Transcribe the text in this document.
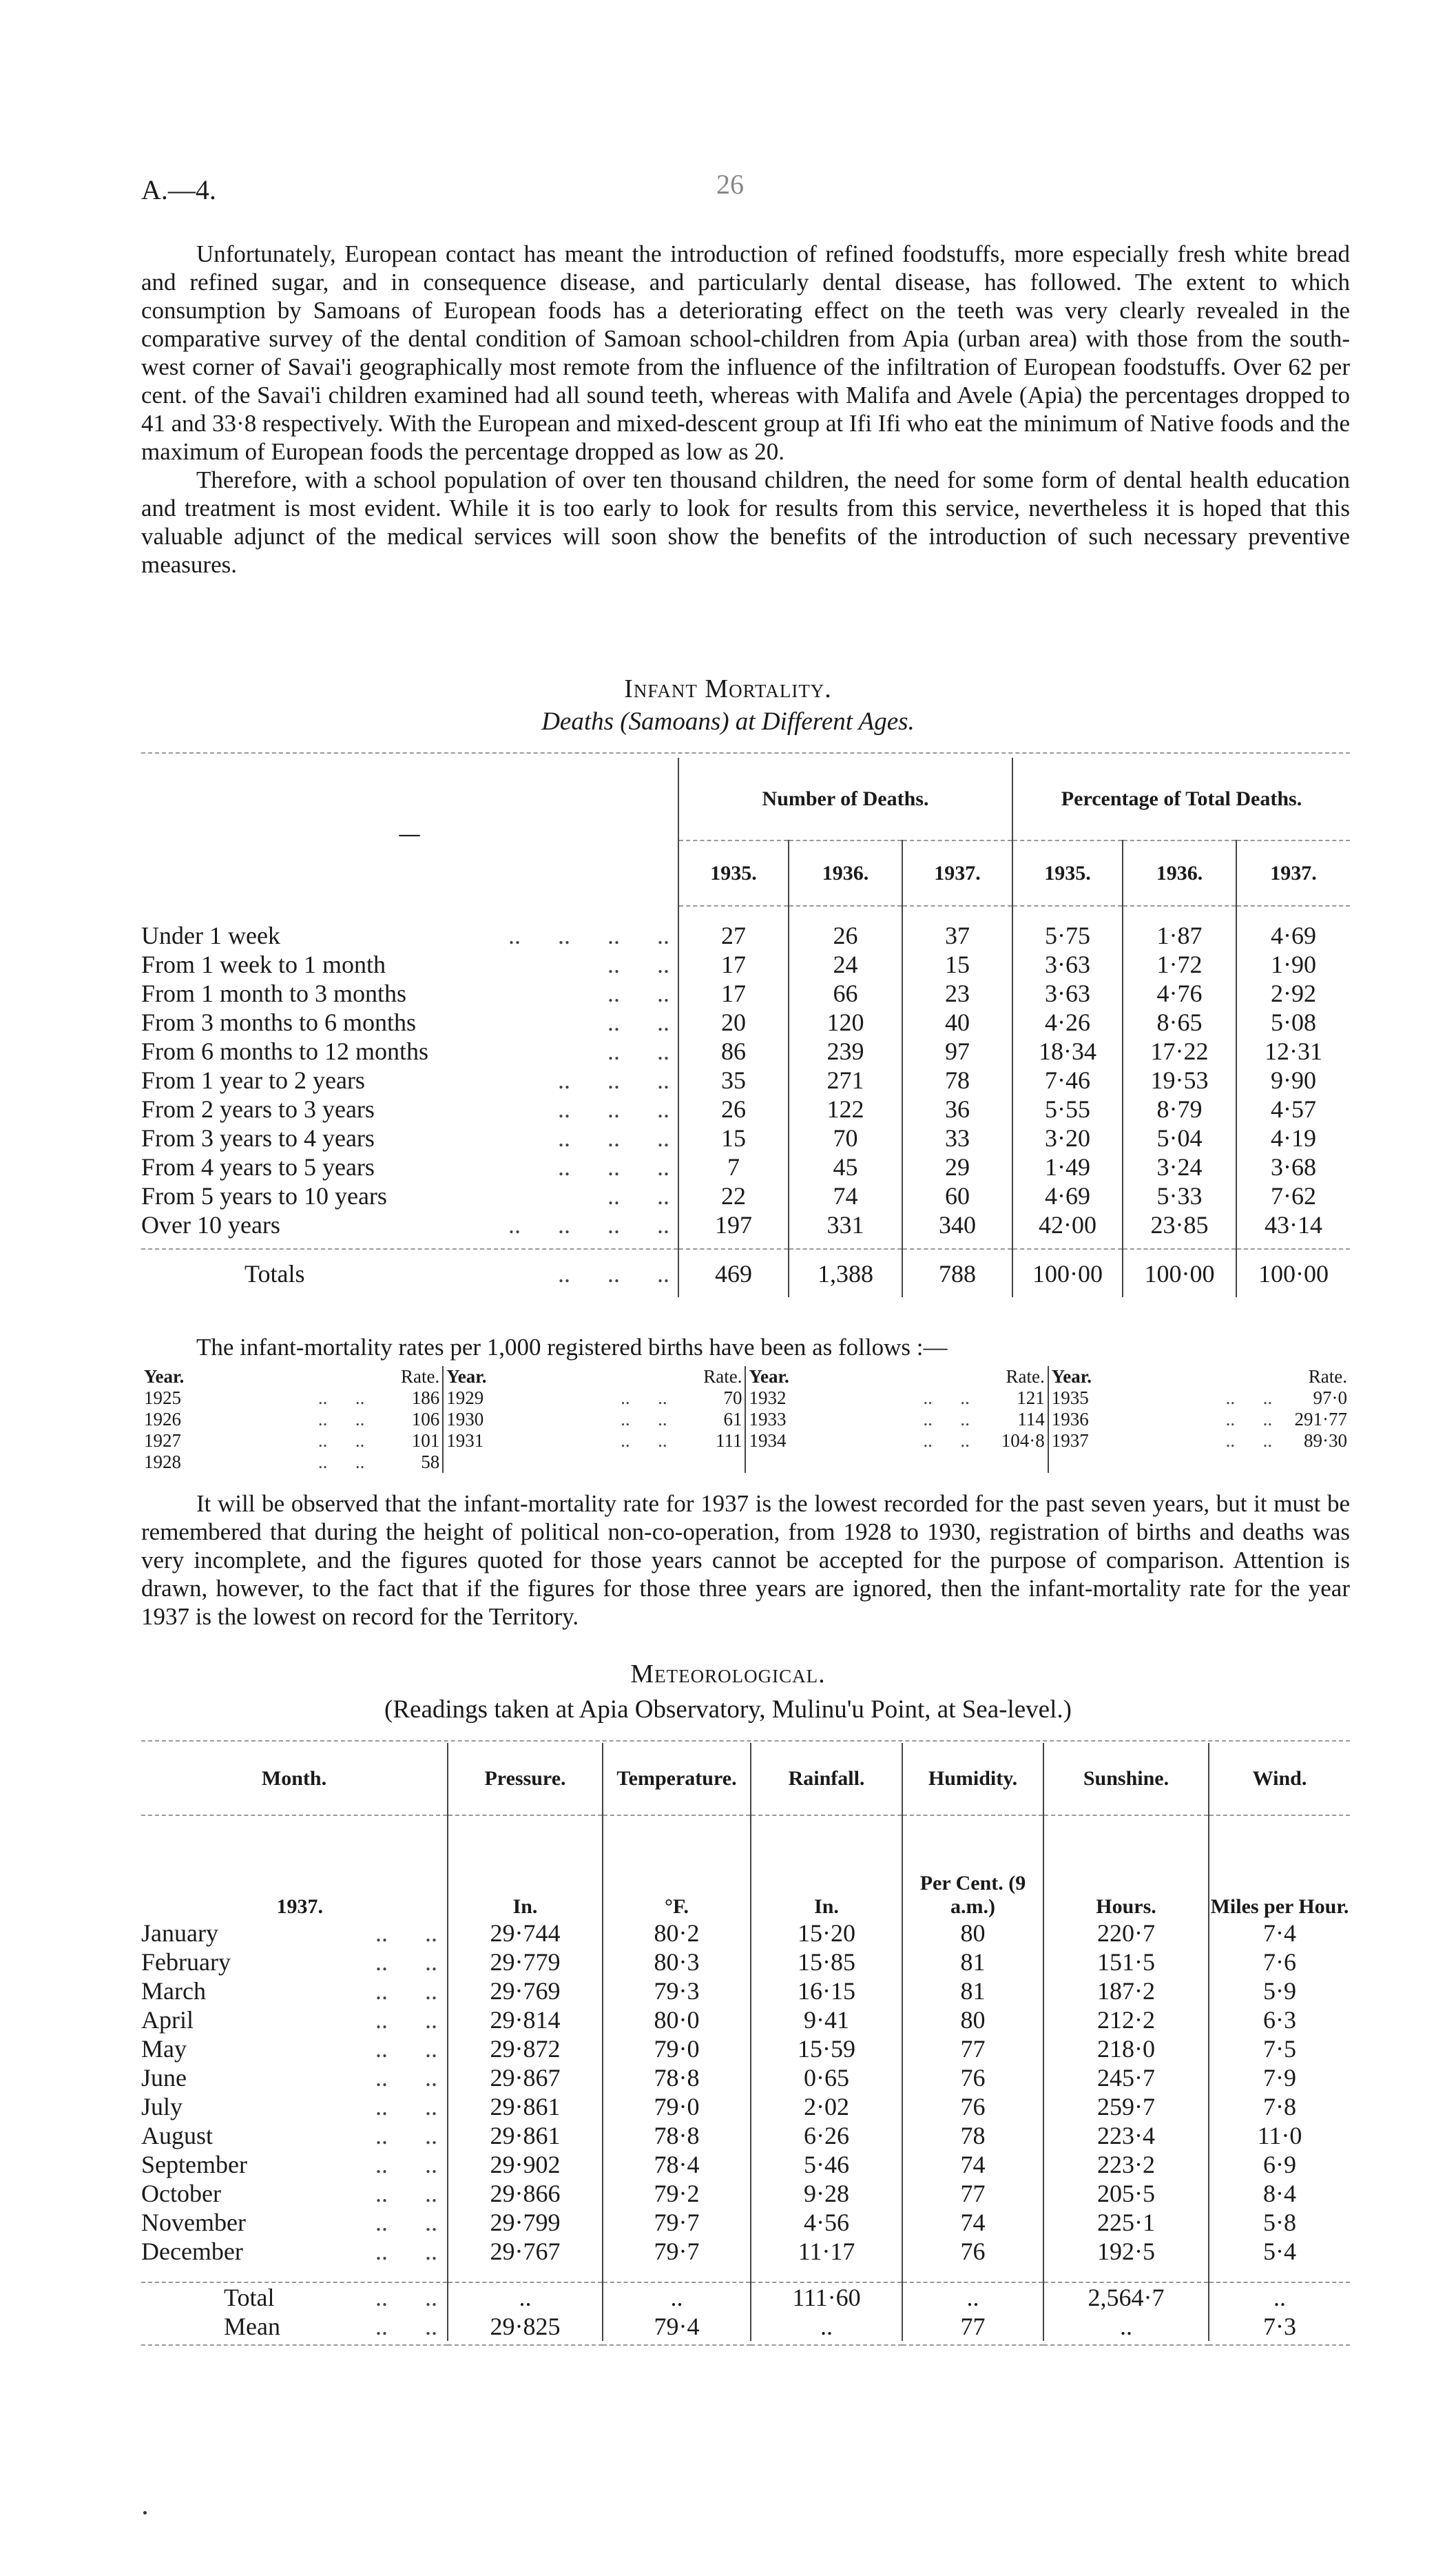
A.—4.	26

Unfortunately, European contact has meant the introduction of refined foodstuffs, more especially fresh white bread and refined sugar, and in consequence disease, and particularly dental disease, has followed. The extent to which consumption by Samoans of European foods has a deteriorating effect on the teeth was very clearly revealed in the comparative survey of the dental condition of Samoan school-children from Apia (urban area) with those from the south-west corner of Savai'i geographically most remote from the influence of the infiltration of European foodstuffs. Over 62 per cent. of the Savai'i children examined had all sound teeth, whereas with Malifa and Avele (Apia) the percentages dropped to 41 and 33·8 respectively. With the European and mixed-descent group at Ifi Ifi who eat the minimum of Native foods and the maximum of European foods the percentage dropped as low as 20.

Therefore, with a school population of over ten thousand children, the need for some form of dental health education and treatment is most evident. While it is too early to look for results from this service, nevertheless it is hoped that this valuable adjunct of the medical services will soon show the benefits of the introduction of such necessary preventive measures.

Infant Mortality.
Deaths (Samoans) at Different Ages.
—	Number of Deaths.			Percentage of Total Deaths.		
	1935.	1936.	1937.	1935.	1936.	1937.

Under 1 week ..      ..      ..      ..	27	26	37	5·75	1·87	4·69
From 1 week to 1 month ..      ..	17	24	15	3·63	1·72	1·90
From 1 month to 3 months ..      ..	17	66	23	3·63	4·76	2·92
From 3 months to 6 months ..      ..	20	120	40	4·26	8·65	5·08
From 6 months to 12 months ..      ..	86	239	97	18·34	17·22	12·31
From 1 year to 2 years ..      ..      ..	35	271	78	7·46	19·53	9·90
From 2 years to 3 years ..      ..      ..	26	122	36	5·55	8·79	4·57
From 3 years to 4 years ..      ..      ..	15	70	33	3·20	5·04	4·19
From 4 years to 5 years ..      ..      ..	7	45	29	1·49	3·24	3·68
From 5 years to 10 years ..      ..	22	74	60	4·69	5·33	7·62
Over 10 years ..      ..      ..      ..	197	331	340	42·00	23·85	43·14

Totals ..      ..      ..	469	1,388	788	100·00	100·00	100·00

The infant-mortality rates per 1,000 registered births have been as follows :—

Year.		Rate.	Year.		Rate.	Year.		Rate.	Year.		Rate.
1925	..      ..	186	1929	..      ..	70	1932	..      ..	121	1935	..      ..	97·0
1926	..      ..	106	1930	..      ..	61	1933	..      ..	114	1936	..      ..	291·77
1927	..      ..	101	1931	..      ..	111	1934	..      ..	104·8	1937	..      ..	89·30
1928	..      ..	58									

It will be observed that the infant-mortality rate for 1937 is the lowest recorded for the past seven years, but it must be remembered that during the height of political non-co-operation, from 1928 to 1930, registration of births and deaths was very incomplete, and the figures quoted for those years cannot be accepted for the purpose of comparison. Attention is drawn, however, to the fact that if the figures for those three years are ignored, then the infant-mortality rate for the year 1937 is the lowest on record for the Territory.

Meteorological.
(Readings taken at Apia Observatory, Mulinu'u Point, at Sea-level.)
Month.	Pressure.	Temperature.	Rainfall.	Humidity.	Sunshine.	Wind.
1937.	In.	°F.	In.	Per Cent. (9 a.m.)	Hours.	Miles per Hour.
January ..      ..	29·744	80·2	15·20	80	220·7	7·4
February ..      ..	29·779	80·3	15·85	81	151·5	7·6
March ..      ..	29·769	79·3	16·15	81	187·2	5·9
April ..      ..	29·814	80·0	9·41	80	212·2	6·3
May ..      ..	29·872	79·0	15·59	77	218·0	7·5
June ..      ..	29·867	78·8	0·65	76	245·7	7·9
July ..      ..	29·861	79·0	2·02	76	259·7	7·8
August ..      ..	29·861	78·8	6·26	78	223·4	11·0
September ..      ..	29·902	78·4	5·46	74	223·2	6·9
October ..      ..	29·866	79·2	9·28	77	205·5	8·4
November ..      ..	29·799	79·7	4·56	74	225·1	5·8
December ..      ..	29·767	79·7	11·17	76	192·5	5·4

Total ..      ..	..	..	111·60	..	2,564·7	..
Mean ..      ..	29·825	79·4	..	77	..	7·3
